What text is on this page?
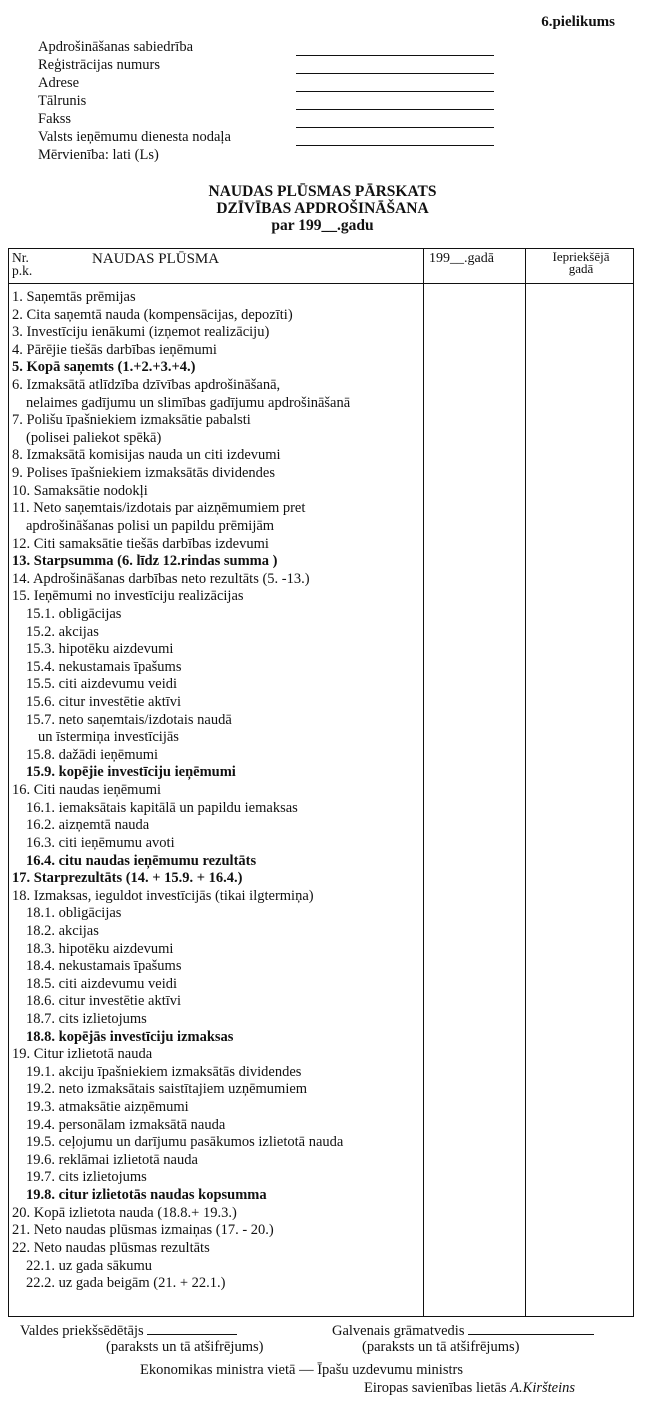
6.pielikums
Apdrošināšanas sabiedrība
Reģistrācijas numurs
Adrese
Tālrunis
Fakss
Valsts ieņēmumu dienesta nodaļa
Mērvienība: lati (Ls)
NAUDAS PLŪSMAS PĀRSKATS
DZĪVĪBAS APDROŠINĀŠANA
par 199__.gadu
Nr.
p.k.
NAUDAS PLŪSMA	199__.gadā	Iepriekšējā
gadā
1. Saņemtās prēmijas
2. Cita saņemtā nauda (kompensācijas, depozīti)
3. Investīciju ienākumi (izņemot realizāciju)
4. Pārējie tiešās darbības ieņēmumi
5. Kopā saņemts (1.+2.+3.+4.)
6. Izmaksātā atlīdzība dzīvības apdrošināšanā,
nelaimes gadījumu un slimības gadījumu apdrošināšanā
7. Polišu īpašniekiem izmaksātie pabalsti
(polisei paliekot spēkā)
8. Izmaksātā komisijas nauda un citi izdevumi
9. Polises īpašniekiem izmaksātās dividendes
10. Samaksātie nodokļi
11. Neto saņemtais/izdotais par aizņēmumiem pret
apdrošināšanas polisi un papildu prēmijām
12. Citi samaksātie tiešās darbības izdevumi
13. Starpsumma (6. līdz 12.rindas summa )
14. Apdrošināšanas darbības neto rezultāts (5. -13.)
15. Ieņēmumi no investīciju realizācijas
15.1. obligācijas
15.2. akcijas
15.3. hipotēku aizdevumi
15.4. nekustamais īpašums
15.5. citi aizdevumu veidi
15.6. citur investētie aktīvi
15.7. neto saņemtais/izdotais naudā
un īstermiņa investīcijās
15.8. dažādi ieņēmumi
15.9. kopējie investīciju ieņēmumi
16. Citi naudas ieņēmumi
16.1. iemaksātais kapitālā un papildu iemaksas
16.2. aizņemtā nauda
16.3. citi ieņēmumu avoti
16.4. citu naudas ieņēmumu rezultāts
17. Starprezultāts (14. + 15.9. + 16.4.)
18. Izmaksas, ieguldot investīcijās (tikai ilgtermiņa)
18.1. obligācijas
18.2. akcijas
18.3. hipotēku aizdevumi
18.4. nekustamais īpašums
18.5. citi aizdevumu veidi
18.6. citur investētie aktīvi
18.7. cits izlietojums
18.8. kopējās investīciju izmaksas
19. Citur izlietotā nauda
19.1. akciju īpašniekiem izmaksātās dividendes
19.2. neto izmaksātais saistītajiem uzņēmumiem
19.3. atmaksātie aizņēmumi
19.4. personālam izmaksātā nauda
19.5. ceļojumu un darījumu pasākumos izlietotā nauda
19.6. reklāmai izlietotā nauda
19.7. cits izlietojums
19.8. citur izlietotās naudas kopsumma
20. Kopā izlietota nauda (18.8.+ 19.3.)
21. Neto naudas plūsmas izmaiņas (17. - 20.)
22. Neto naudas plūsmas rezultāts
22.1. uz gada sākumu
22.2. uz gada beigām (21. + 22.1.)
Valdes priekšsēdētājs
(paraksts un tā atšifrējums)
Galvenais grāmatvedis
(paraksts un tā atšifrējums)
Ekonomikas ministra vietā — Īpašu uzdevumu ministrs
Eiropas savienības lietās A.Kiršteins
